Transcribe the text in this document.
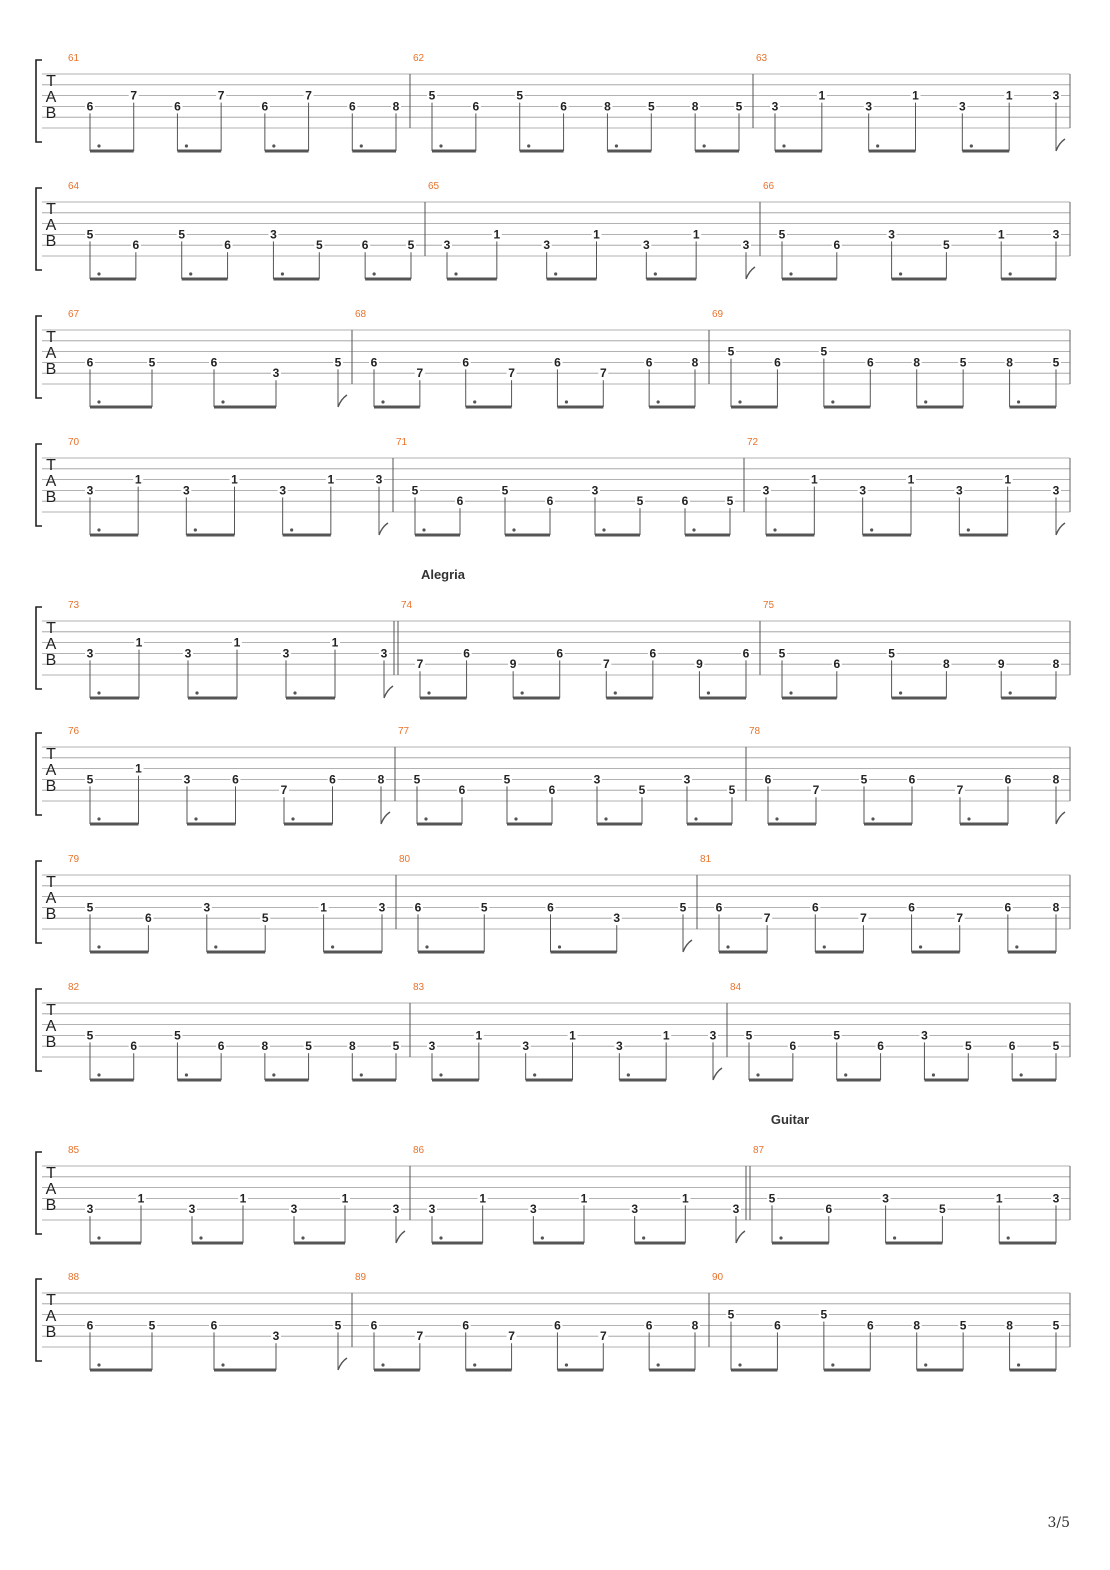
T
A
B
61
6
7
6
7
6
7
6	8
62
5
6
5
6	8	5	8	5
63
3
1
3
1
3
1	3
T
A
B
64
5
6
5
6
3
5	6	5
65
3
1
3
1
3
1
3
66
5
6
3
5
1	3
T
A
B
67
6	5	6
3
5
68
6
7
6
7
6
7
6	8
69
5
6
5
6	8	5	8	5
T
A
B
70
3
1
3
1
3
1	3
71
5
6
5
6
3
5	6	5
72
3
1
3
1
3
1
3
T
A
B
73
3
1
3
1
3
1
3
74
7
6
9
6
7
6
9
6
75
5
6
5
8	9	8
Alegria
T
A
B
76
5
1
3	6
7
6	8
77
5
6
5
6
3
5
3
5
78
6
7
5	6
7
6	8
T
A
B
79
5
6
3
5
1	3
80
6	5	6
3
5
81
6
7
6
7
6
7
6	8
T
A
B
82
5
6
5
6	8	5	8	5
83
3
1
3
1
3
1	3
84
5
6
5
6
3
5	6	5
T
A
B
85
3
1
3
1
3
1
3
86
3
1
3
1
3
1
3
87
5
6
3
5
1	3
Guitar
T
A
B
88
6	5	6
3
5
89
6
7
6
7
6
7
6	8
90
5
6
5
6	8	5	8	5
3/5
